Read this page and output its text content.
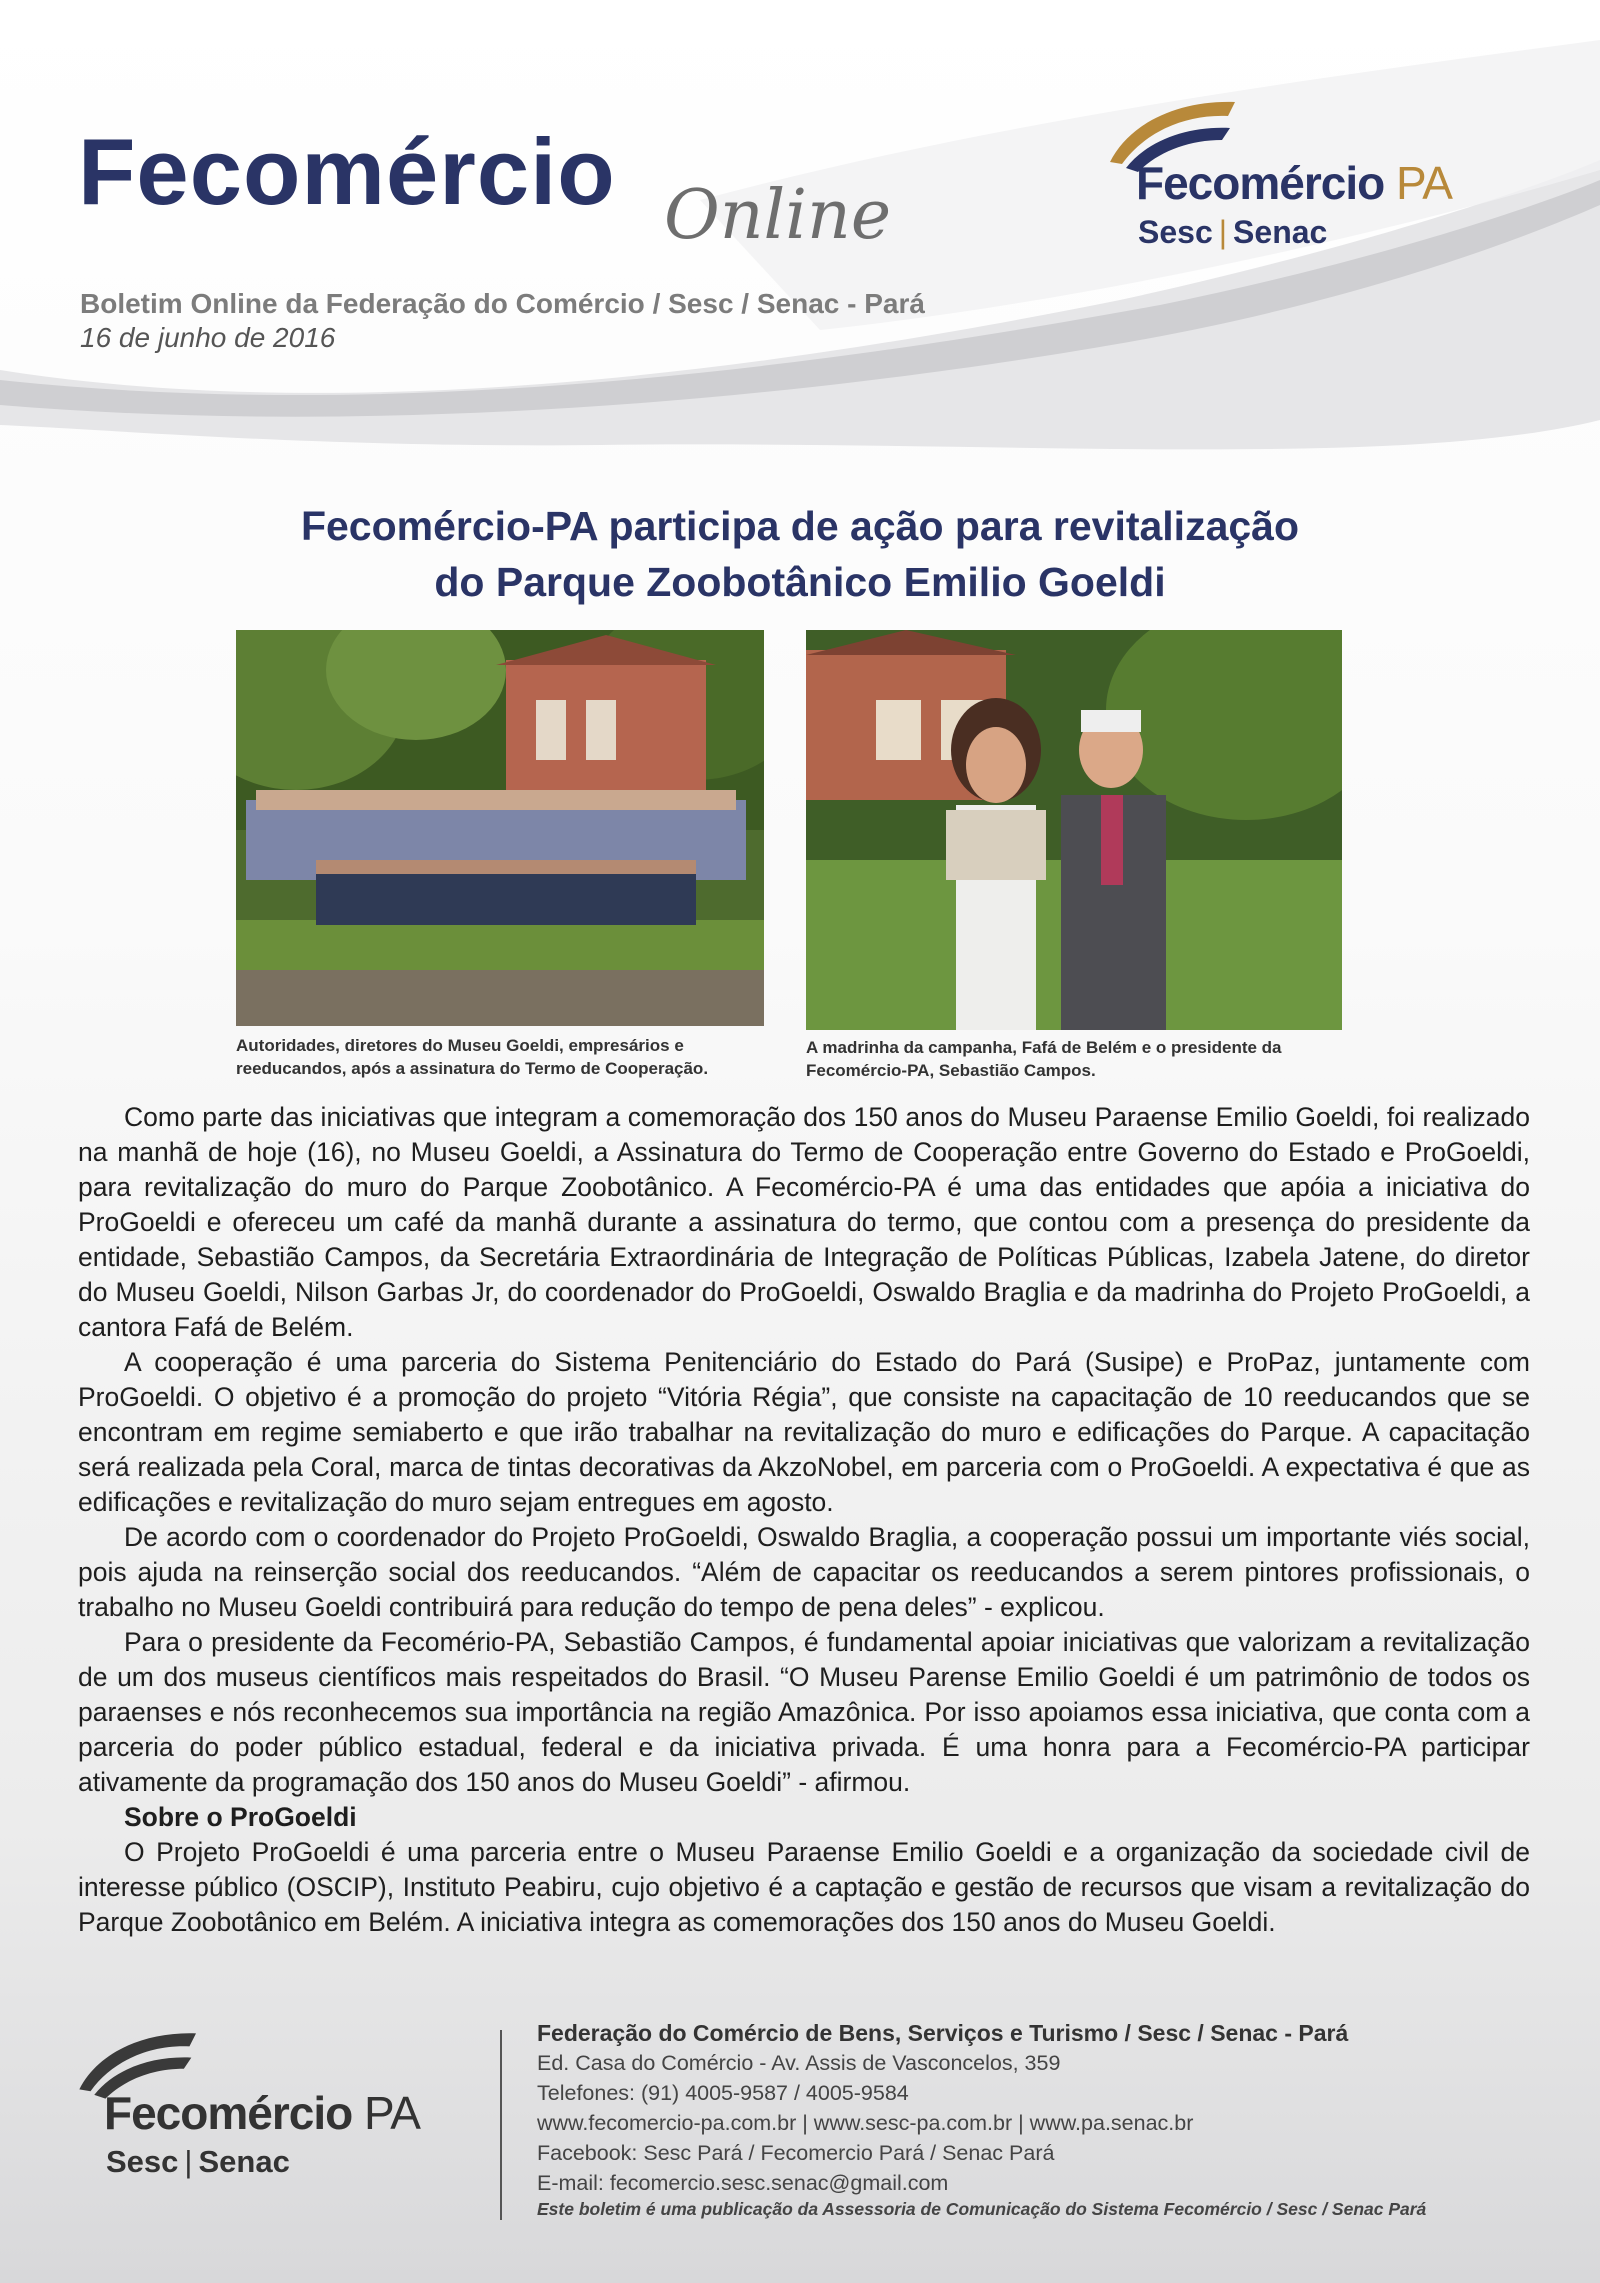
Fecomércio Online
Boletim Online da Federação do Comércio / Sesc / Senac - Pará
16 de junho de 2016
Fecomércio PA
Sesc | Senac
Fecomércio-PA participa de ação para revitalização
do Parque Zoobotânico Emilio Goeldi
Autoridades, diretores do Museu Goeldi, empresários e reeducandos, após a assinatura do Termo de Cooperação.
A madrinha da campanha, Fafá de Belém e o presidente da Fecomércio-PA, Sebastião Campos.

Como parte das iniciativas que integram a comemoração dos 150 anos do Museu Paraense Emilio Goeldi, foi realizado na manhã de hoje (16), no Museu Goeldi, a Assinatura do Termo de Cooperação entre Governo do Estado e ProGoeldi, para revitalização do muro do Parque Zoobotânico. A Fecomércio-PA é uma das entidades que apóia a iniciativa do ProGoeldi e ofereceu um café da manhã durante a assinatura do termo, que contou com a presença do presidente da entidade, Sebastião Campos, da Secretária Extraordinária de Integração de Políticas Públicas, Izabela Jatene, do diretor do Museu Goeldi, Nilson Garbas Jr, do coordenador do ProGoeldi, Oswaldo Braglia e da madrinha do Projeto ProGoeldi, a cantora Fafá de Belém.

A cooperação é uma parceria do Sistema Penitenciário do Estado do Pará (Susipe) e ProPaz, juntamente com ProGoeldi. O objetivo é a promoção do projeto “Vitória Régia”, que consiste na capacitação de 10 reeducandos que se encontram em regime semiaberto e que irão trabalhar na revitalização do muro e edificações do Parque. A capacitação será realizada pela Coral, marca de tintas decorativas da AkzoNobel, em parceria com o ProGoeldi. A expectativa é que as edificações e revitalização do muro sejam entregues em agosto.

De acordo com o coordenador do Projeto ProGoeldi, Oswaldo Braglia, a cooperação possui um importante viés social, pois ajuda na reinserção social dos reeducandos. “Além de capacitar os reeducandos a serem pintores profissionais, o trabalho no Museu Goeldi contribuirá para redução do tempo de pena deles” - explicou.

Para o presidente da Fecomério-PA, Sebastião Campos, é fundamental apoiar iniciativas que valorizam a revitalização de um dos museus científicos mais respeitados do Brasil. “O Museu Parense Emilio Goeldi é um patrimônio de todos os paraenses e nós reconhecemos sua importância na região Amazônica. Por isso apoiamos essa iniciativa, que conta com a parceria do poder público estadual, federal e da iniciativa privada. É uma honra para a Fecomércio-PA participar ativamente da programação dos 150 anos do Museu Goeldi” - afirmou.

Sobre o ProGoeldi

O Projeto ProGoeldi é uma parceria entre o Museu Paraense Emilio Goeldi e a organização da sociedade civil de interesse público (OSCIP), Instituto Peabiru, cujo objetivo é a captação e gestão de recursos que visam a revitalização do Parque Zoobotânico em Belém. A iniciativa integra as comemorações dos 150 anos do Museu Goeldi.

Fecomércio PA
Sesc | Senac
Federação do Comércio de Bens, Serviços e Turismo / Sesc / Senac - Pará
Ed. Casa do Comércio - Av. Assis de Vasconcelos, 359
Telefones: (91) 4005-9587 / 4005-9584
www.fecomercio-pa.com.br | www.sesc-pa.com.br | www.pa.senac.br
Facebook: Sesc Pará / Fecomercio Pará / Senac Pará
E-mail: fecomercio.sesc.senac@gmail.com
Este boletim é uma publicação da Assessoria de Comunicação do Sistema Fecomércio / Sesc / Senac Pará
